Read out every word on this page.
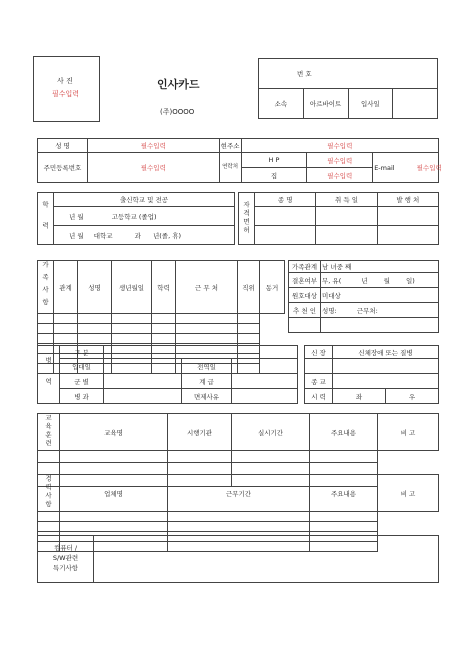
사 진
필수입력
인사카드
(주)OOOO
번 호
소속	아르바이트	입사일	
성 명	필수입력	현주소	필수입력		
주민등록번호	필수입력	연락처	H P	필수입력	E-mail 필수입력
			집	필수입력	
학 력	출신학교 및 전공
년 월	고등학교 (졸업)
년 월 대학교	과 년(졸, 휴)
자격면허	종 명	취 득 일	발 행 처

가족사항	관계	성명	생년월일	학력	근 무 처	직위	동거

가족관계	남 녀중 째
결혼여부	무, 유( 년 월 일)
원호대상	미대상
추 천 인	성명: 근무처:

병 역	구 분			
	입대일		전역일	
	군 별		계 급	
	병 과		면제사유	
신 장	신체장애 또는 질병	

종 교		
시 력	좌	우
교육훈련	교육명	시행기관	실시기간	주요내용	비 고

경력사항	업체명	근무기간	주요내용	비 고

컴퓨터 /
S/W관련
특기사항	
